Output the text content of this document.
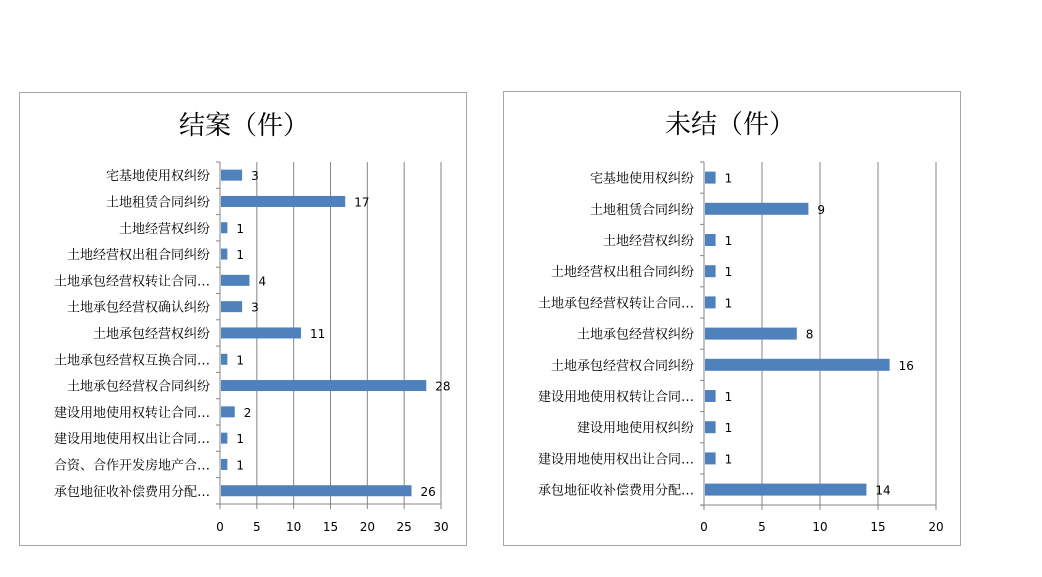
结案（件）
0 5 10 15 20 25 30
宅基地使用权纠纷	3
土地租赁合同纠纷	17
土地经营权纠纷 1
土地经营权出租合同纠纷 1
土地承包经营权转让合同…	4
土地承包经营权确认纠纷	3
土地承包经营权纠纷	11
土地承包经营权互换合同… 1
土地承包经营权合同纠纷	28
建设用地使用权转让合同…	2
建设用地使用权出让合同… 1
合资、合作开发房地产合… 1
承包地征收补偿费用分配…	26
未结（件）
0	5	10	15	20
宅基地使用权纠纷	1
土地租赁合同纠纷	9
土地经营权纠纷	1
土地经营权出租合同纠纷	1
土地承包经营权转让合同…	1
土地承包经营权纠纷	8
土地承包经营权合同纠纷	16
建设用地使用权转让合同…	1
建设用地使用权纠纷	1
建设用地使用权出让合同…	1
承包地征收补偿费用分配…	14
